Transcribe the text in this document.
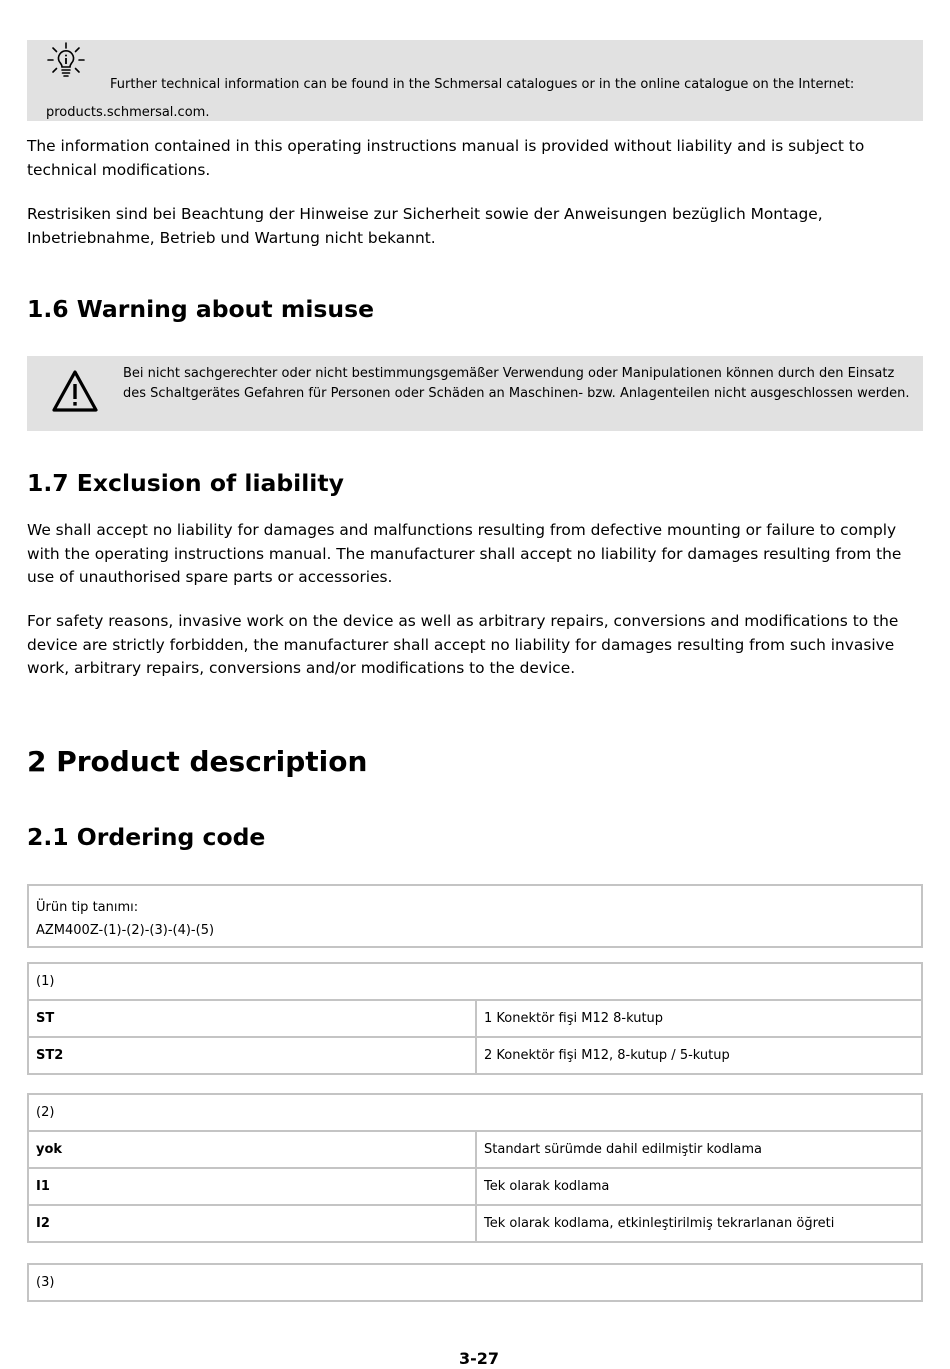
Further technical information can be found in the Schmersal catalogues or in the online catalogue on the Internet:
products.schmersal.com.

The information contained in this operating instructions manual is provided without liability and is subject to technical modifications.

Restrisiken sind bei Beachtung der Hinweise zur Sicherheit sowie der Anweisungen bezüglich Montage, Inbetriebnahme, Betrieb und Wartung nicht bekannt.

1.6 Warning about misuse
Bei nicht sachgerechter oder nicht bestimmungsgemäßer Verwendung oder Manipulationen können durch den Einsatz des Schaltgerätes Gefahren für Personen oder Schäden an Maschinen- bzw. Anlagenteilen nicht ausgeschlossen werden.
1.7 Exclusion of liability

We shall accept no liability for damages and malfunctions resulting from defective mounting or failure to comply with the operating instructions manual. The manufacturer shall accept no liability for damages resulting from the use of unauthorised spare parts or accessories.

For safety reasons, invasive work on the device as well as arbitrary repairs, conversions and modifications to the device are strictly forbidden, the manufacturer shall accept no liability for damages resulting from such invasive work, arbitrary repairs, conversions and/or modifications to the device.

2 Product description
2.1 Ordering code
Ürün tip tanımı:
AZM400Z-(1)-(2)-(3)-(4)-(5)
(1)	
ST	1 Konektör fişi M12 8-kutup
ST2	2 Konektör fişi M12, 8-kutup / 5-kutup
(2)	
yok	Standart sürümde dahil edilmiştir kodlama
I1	Tek olarak kodlama
I2	Tek olarak kodlama, etkinleştirilmiş tekrarlanan öğreti
(3)
3-27
